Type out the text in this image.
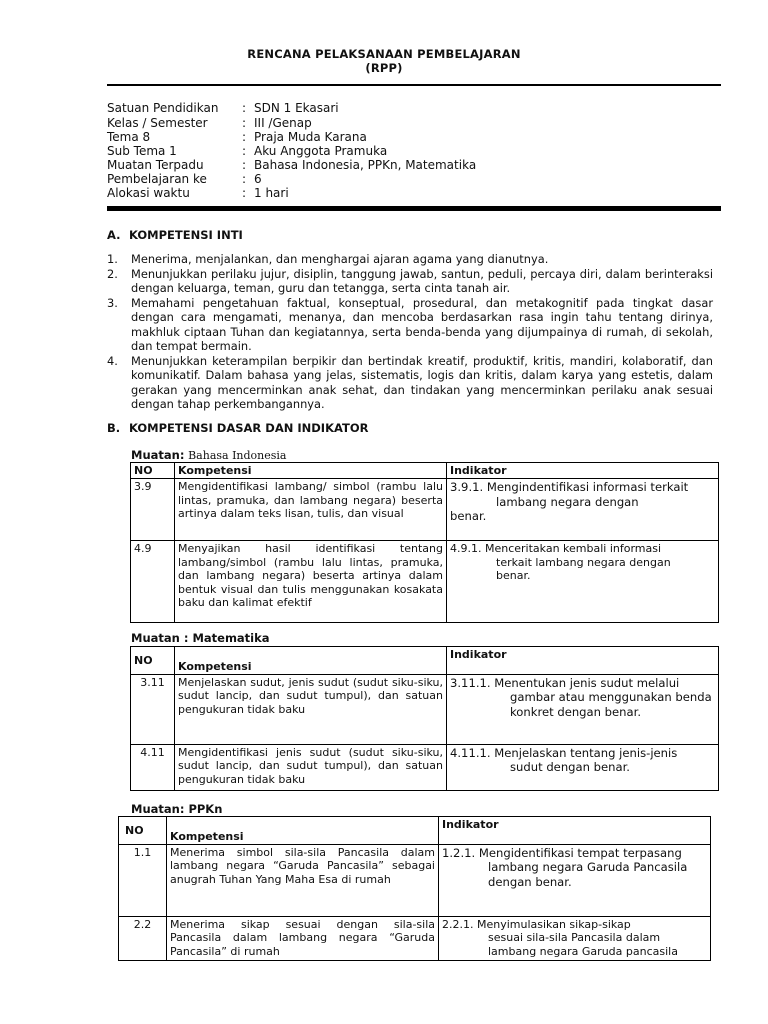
RENCANA PELAKSANAAN PEMBELAJARAN
(RPP)
Satuan Pendidikan : SDN 1 Ekasari
Kelas / Semester	: III /Genap
Tema 8	: Praja Muda Karana
Sub Tema 1	: Aku Anggota Pramuka
Muatan Terpadu	: Bahasa Indonesia, PPKn, Matematika
Pembelajaran ke	: 6
Alokasi waktu	: 1 hari
A. KOMPETENSI INTI
1. Menerima, menjalankan, dan menghargai ajaran agama yang dianutnya.
2. Menunjukkan perilaku jujur, disiplin, tanggung jawab, santun, peduli, percaya diri, dalam berinteraksi dengan keluarga, teman, guru dan tetangga, serta cinta tanah air.
3. Memahami pengetahuan faktual, konseptual, prosedural, dan metakognitif pada tingkat dasar dengan cara mengamati, menanya, dan mencoba berdasarkan rasa ingin tahu tentang dirinya, makhluk ciptaan Tuhan dan kegiatannya, serta benda-benda yang dijumpainya di rumah, di sekolah, dan tempat bermain.
4. Menunjukkan keterampilan berpikir dan bertindak kreatif, produktif, kritis, mandiri, kolaboratif, dan komunikatif. Dalam bahasa yang jelas, sistematis, logis dan kritis, dalam karya yang estetis, dalam gerakan yang mencerminkan anak sehat, dan tindakan yang mencerminkan perilaku anak sesuai dengan tahap perkembangannya.
B. KOMPETENSI DASAR DAN INDIKATOR
Muatan: Bahasa Indonesia
NO	Kompetensi	Indikator
3.9	Mengidentifikasi lambang/ simbol (rambu lalu lintas, pramuka, dan lambang negara) beserta artinya dalam teks lisan, tulis, dan visual	3.9.1. Mengindentifikasi informasi terkait
lambang negara dengan
benar.
4.9	Menyajikan hasil identifikasi tentang lambang/simbol (rambu lalu lintas, pramuka, dan lambang negara) beserta artinya dalam bentuk visual dan tulis menggunakan kosakata baku dan kalimat efektif	4.9.1. Menceritakan kembali informasi
terkait lambang negara dengan
benar.
Muatan : Matematika
NO	Kompetensi	Indikator
3.11	Menjelaskan sudut, jenis sudut (sudut siku-siku, sudut lancip, dan sudut tumpul), dan satuan pengukuran tidak baku	3.11.1. Menentukan jenis sudut melalui
gambar atau menggunakan benda
konkret dengan benar.

4.11	Mengidentifikasi jenis sudut (sudut siku-siku, sudut lancip, dan sudut tumpul), dan satuan pengukuran tidak baku	4.11.1. Menjelaskan tentang jenis-jenis
sudut dengan benar.
Muatan: PPKn
NO	Kompetensi	Indikator
1.1	Menerima simbol sila-sila Pancasila dalam lambang negara “Garuda Pancasila” sebagai anugrah Tuhan Yang Maha Esa di rumah	1.2.1. Mengidentifikasi tempat terpasang
lambang negara Garuda Pancasila
dengan benar.

2.2	Menerima sikap sesuai dengan sila-sila Pancasila dalam lambang negara “Garuda Pancasila” di rumah	2.2.1. Menyimulasikan sikap-sikap
sesuai sila-sila Pancasila dalam
lambang negara Garuda pancasila
